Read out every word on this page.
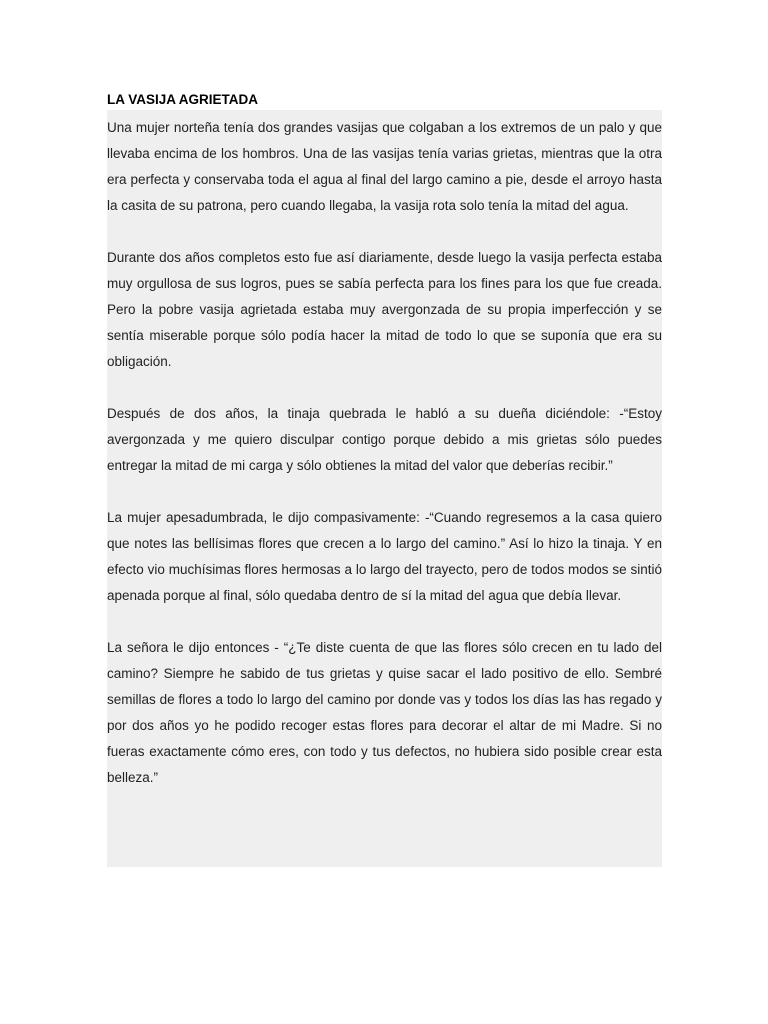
LA VASIJA AGRIETADA

Una mujer norteña tenía dos grandes vasijas que colgaban a los extremos de un palo y que llevaba encima de los hombros. Una de las vasijas tenía varias grietas, mientras que la otra era perfecta y conservaba toda el agua al final del largo camino a pie, desde el arroyo hasta la casita de su patrona, pero cuando llegaba, la vasija rota solo tenía la mitad del agua.

Durante dos años completos esto fue así diariamente, desde luego la vasija perfecta estaba muy orgullosa de sus logros, pues se sabía perfecta para los fines para los que fue creada. Pero la pobre vasija agrietada estaba muy avergonzada de su propia imperfección y se sentía miserable porque sólo podía hacer la mitad de todo lo que se suponía que era su obligación.

Después de dos años, la tinaja quebrada le habló a su dueña diciéndole: -“Estoy avergonzada y me quiero disculpar contigo porque debido a mis grietas sólo puedes entregar la mitad de mi carga y sólo obtienes la mitad del valor que deberías recibir.”

La mujer apesadumbrada, le dijo compasivamente: -“Cuando regresemos a la casa quiero que notes las bellísimas flores que crecen a lo largo del camino.” Así lo hizo la tinaja. Y en efecto vio muchísimas flores hermosas a lo largo del trayecto, pero de todos modos se sintió apenada porque al final, sólo quedaba dentro de sí la mitad del agua que debía llevar.

La señora le dijo entonces - “¿Te diste cuenta de que las flores sólo crecen en tu lado del camino? Siempre he sabido de tus grietas y quise sacar el lado positivo de ello. Sembré semillas de flores a todo lo largo del camino por donde vas y todos los días las has regado y por dos años yo he podido recoger estas flores para decorar el altar de mi Madre. Si no fueras exactamente cómo eres, con todo y tus defectos, no hubiera sido posible crear esta belleza.”
